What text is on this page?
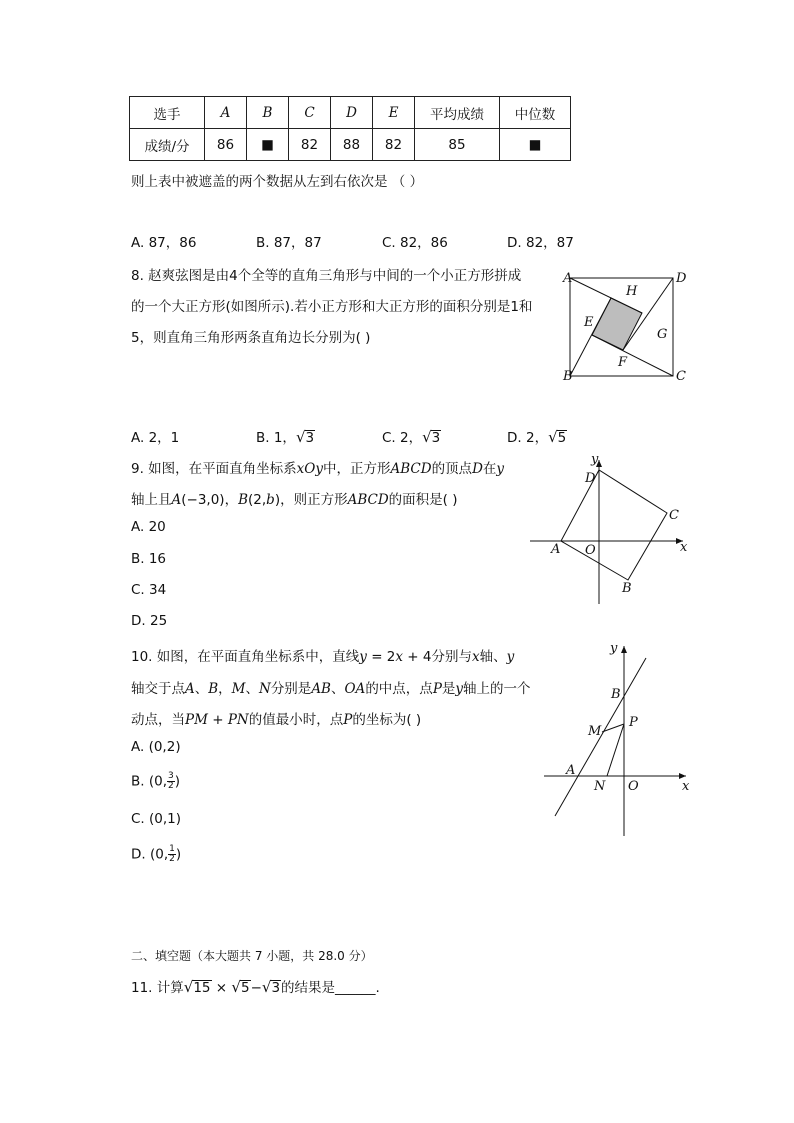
选手	A	B	C	D	E	平均成绩	中位数
成绩/分	86	■	82	88	82	85	■
则上表中被遮盖的两个数据从左到右依次是 （ ）
A. 87，86	B. 87，87	C. 82，86	D. 82，87
8. 赵爽弦图是由4个全等的直角三角形与中间的一个小正方形拼成
的一个大正方形(如图所示).若小正方形和大正方形的面积分别是1和
5，则直角三角形两条直角边长分别为( )
A	D
B	C
H
E
G
F
A. 2，1	B. 1，√3	C. 2，√3	D. 2，√5
9. 如图，在平面直角坐标系xOy中，正方形ABCD的顶点D在y
轴上且A(−3,0)，B(2,b)，则正方形ABCD的面积是( )
A. 20
B. 16
C. 34
D. 25
y
x
D
C
A O
B
10. 如图，在平面直角坐标系中，直线y = 2x + 4分别与x轴、y
轴交于点A、B，M、N分别是AB、OA的中点，点P是y轴上的一个
动点，当PM + PN的值最小时，点P的坐标为( )
A. (0,2)
B. (0, $\frac{3}{2}$ )
C. (0,1)
D. (0, $\frac{1}{2}$ )
y
x
B
P
M
A
N O
二、填空题（本大题共 7 小题，共 28.0 分）
11. 计算√15 × √5−√3的结果是______.
